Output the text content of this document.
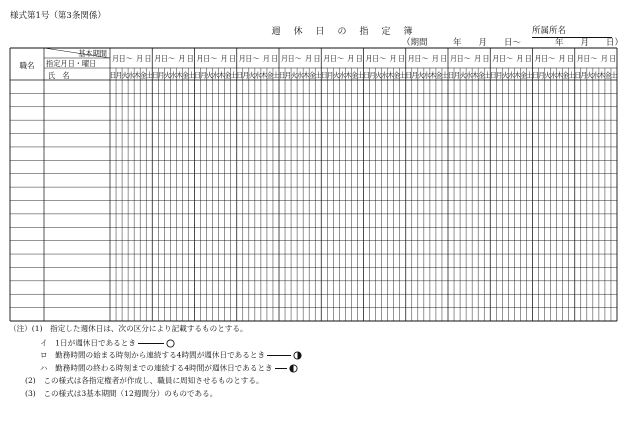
様式第1号（第3条関係）
週 休 日 の 指 定 簿	所属所名
（期間　　　年　　月　　日～　　　　年　　月　　日）
職名
基本期間
指定月日・曜日
氏　名
月 日～ 月 日
日 月 火 水 木 金 土
月 日～ 月 日
日 月 火 水 木 金 土
月 日～ 月 日
日 月 火 水 木 金 土
月 日～ 月 日
日 月 火 水 木 金 土
月 日～ 月 日
日 月 火 水 木 金 土
月 日～ 月 日
日 月 火 水 木 金 土
月 日～ 月 日
日 月 火 水 木 金 土
月 日～ 月 日
日 月 火 水 木 金 土
月 日～ 月 日
日 月 火 水 木 金 土
月 日～ 月 日
日 月 火 水 木 金 土
月 日～ 月 日
日 月 火 水 木 金 土
月 日～ 月 日
日 月 火 水 木 金 土
（注）(1)　指定した週休日は、次の区分により記載するものとする。
イ　1日が週休日であるとき
ロ　勤務時間の始まる時刻から連続する4時間が週休日であるとき
ハ　勤務時間の終わる時刻までの連続する4時間が週休日であるとき
(2)　この様式は各指定権者が作成し、職員に周知させるものとする。
(3)　この様式は3基本期間（12週間分）のものである。
